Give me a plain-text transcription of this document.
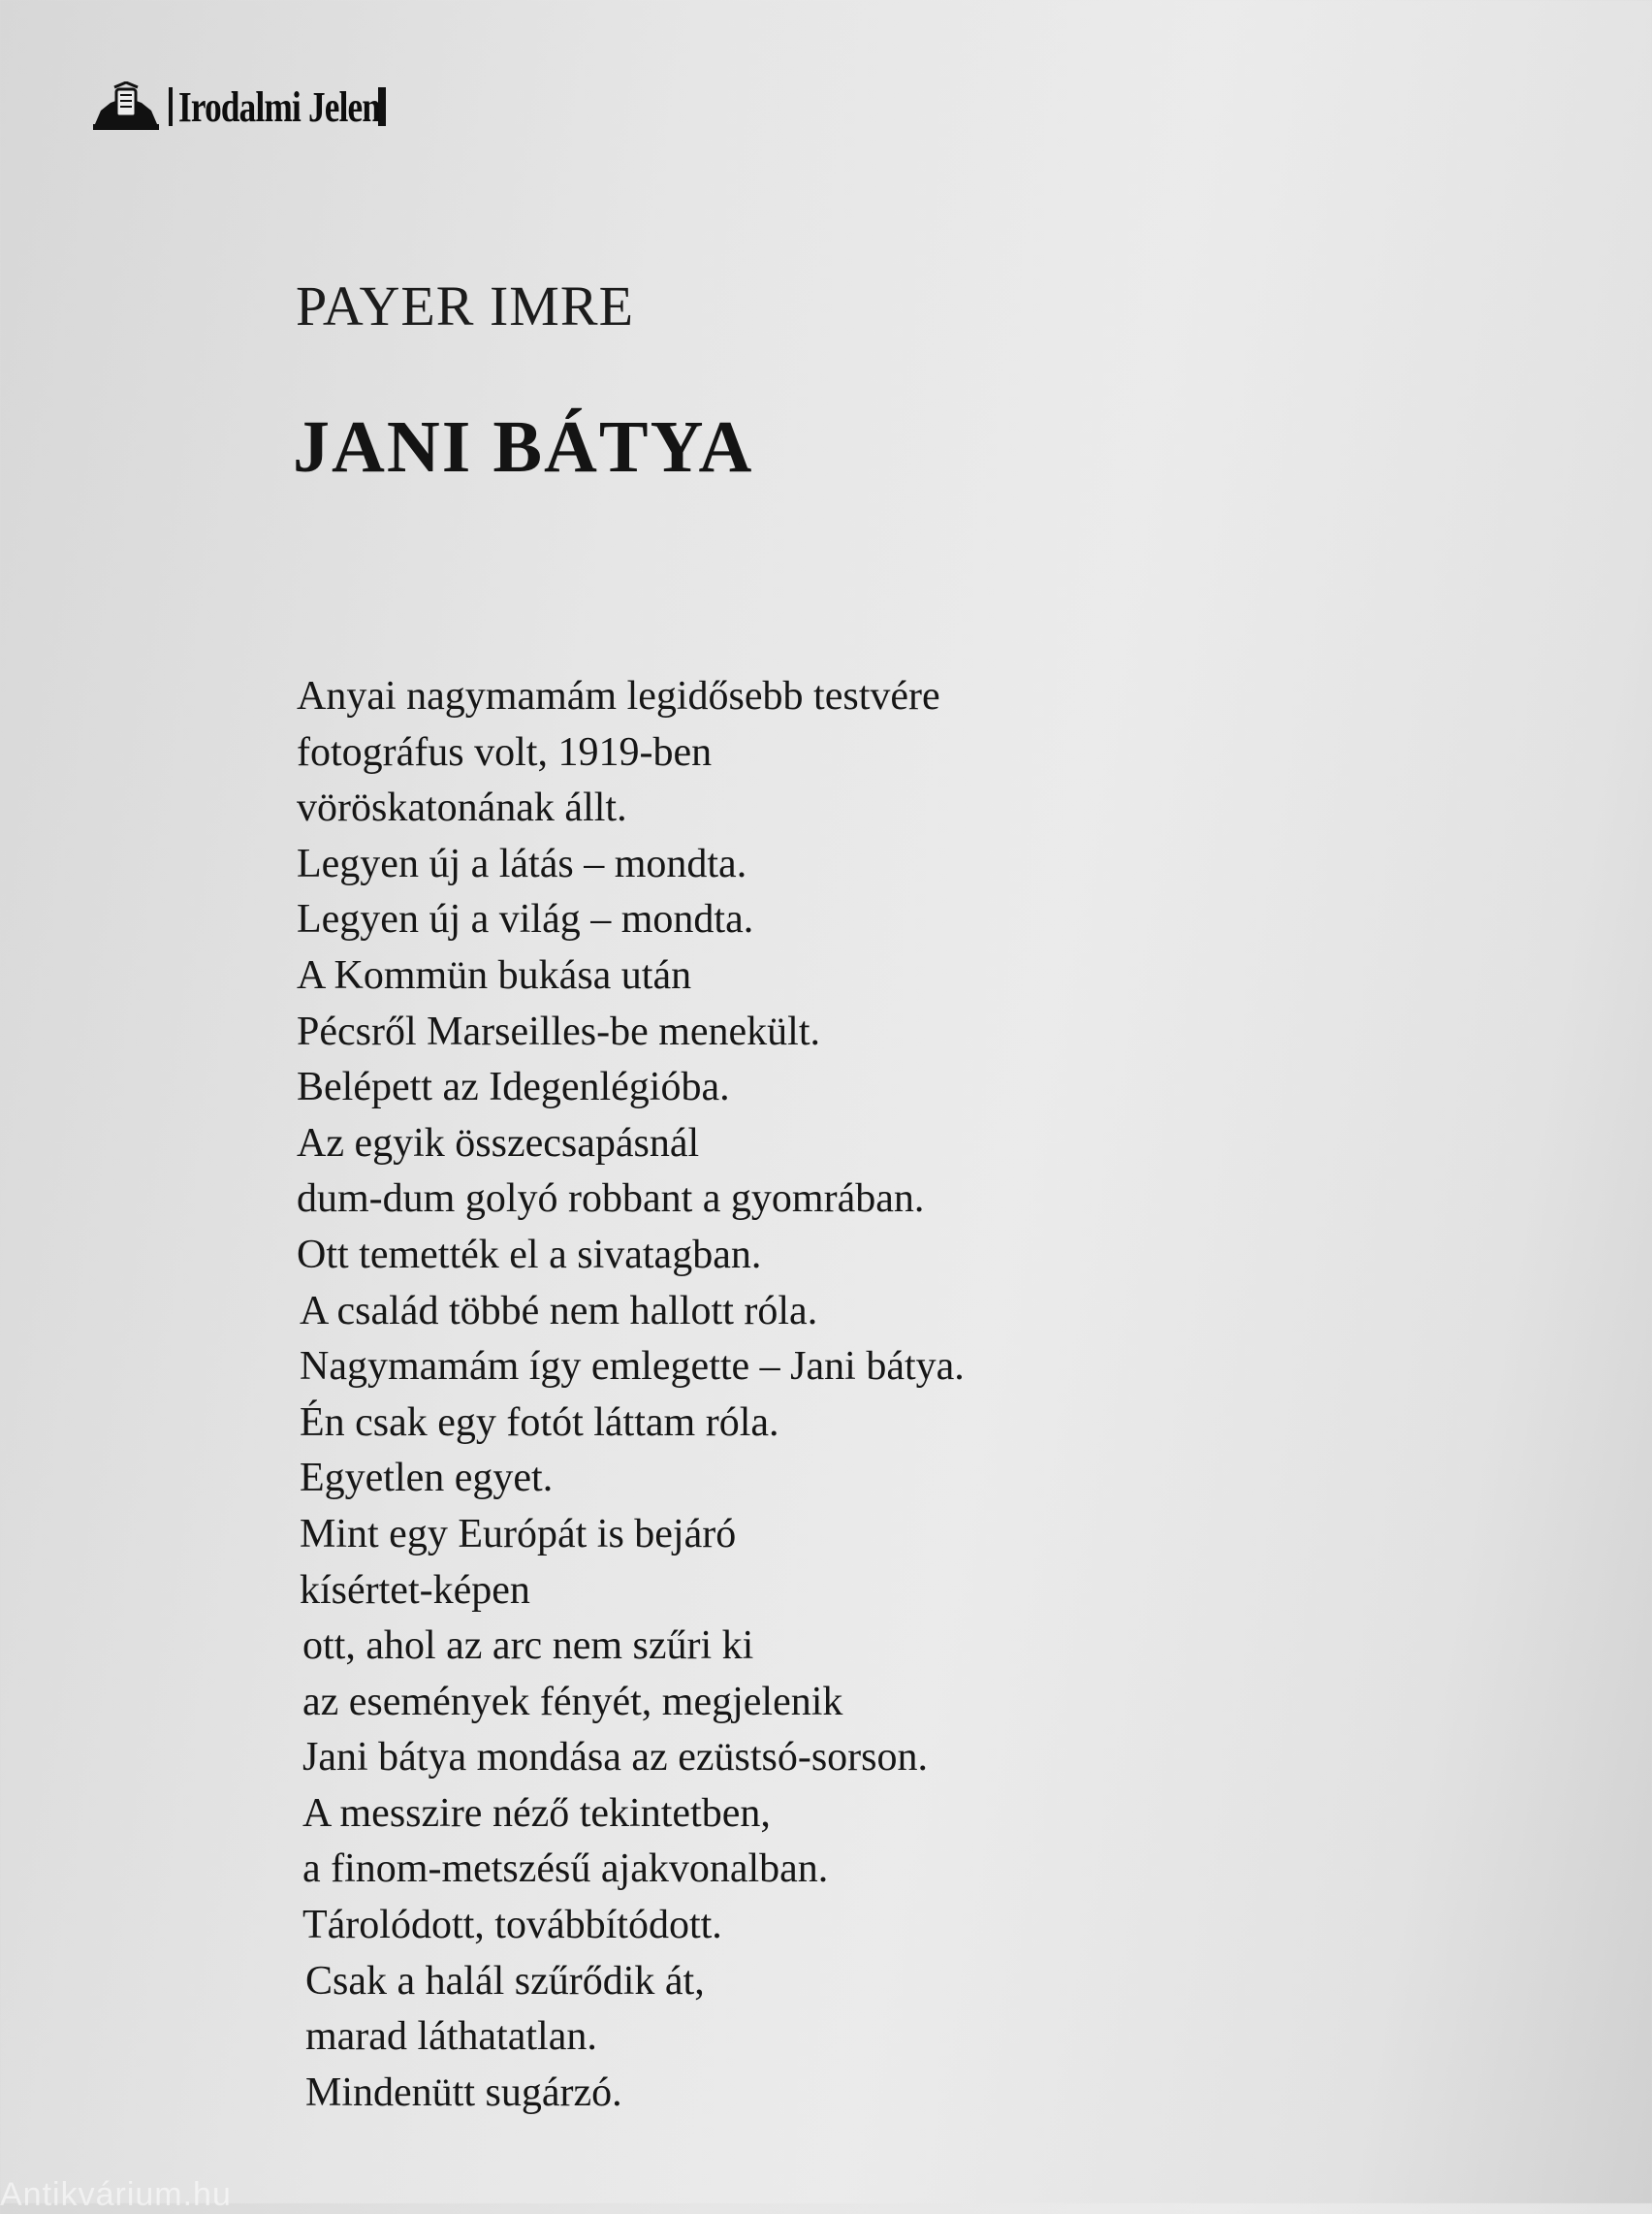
Irodalmi Jelen
PAYER IMRE
JANI BÁTYA
Anyai nagymamám legidősebb testvére
fotográfus volt, 1919-ben
vöröskatonának állt.
Legyen új a látás – mondta.
Legyen új a világ – mondta.
A Kommün bukása után
Pécsről Marseilles-be menekült.
Belépett az Idegenlégióba.
Az egyik összecsapásnál
dum-dum golyó robbant a gyomrában.
Ott temették el a sivatagban.
A család többé nem hallott róla.
Nagymamám így emlegette – Jani bátya.
Én csak egy fotót láttam róla.
Egyetlen egyet.
Mint egy Európát is bejáró
kísértet-képen
ott, ahol az arc nem szűri ki
az események fényét, megjelenik
Jani bátya mondása az ezüstsó-sorson.
A messzire néző tekintetben,
a finom-metszésű ajakvonalban.
Tárolódott, továbbítódott.
Csak a halál szűrődik át,
marad láthatatlan.
Mindenütt sugárzó.
Antikvárium.hu
